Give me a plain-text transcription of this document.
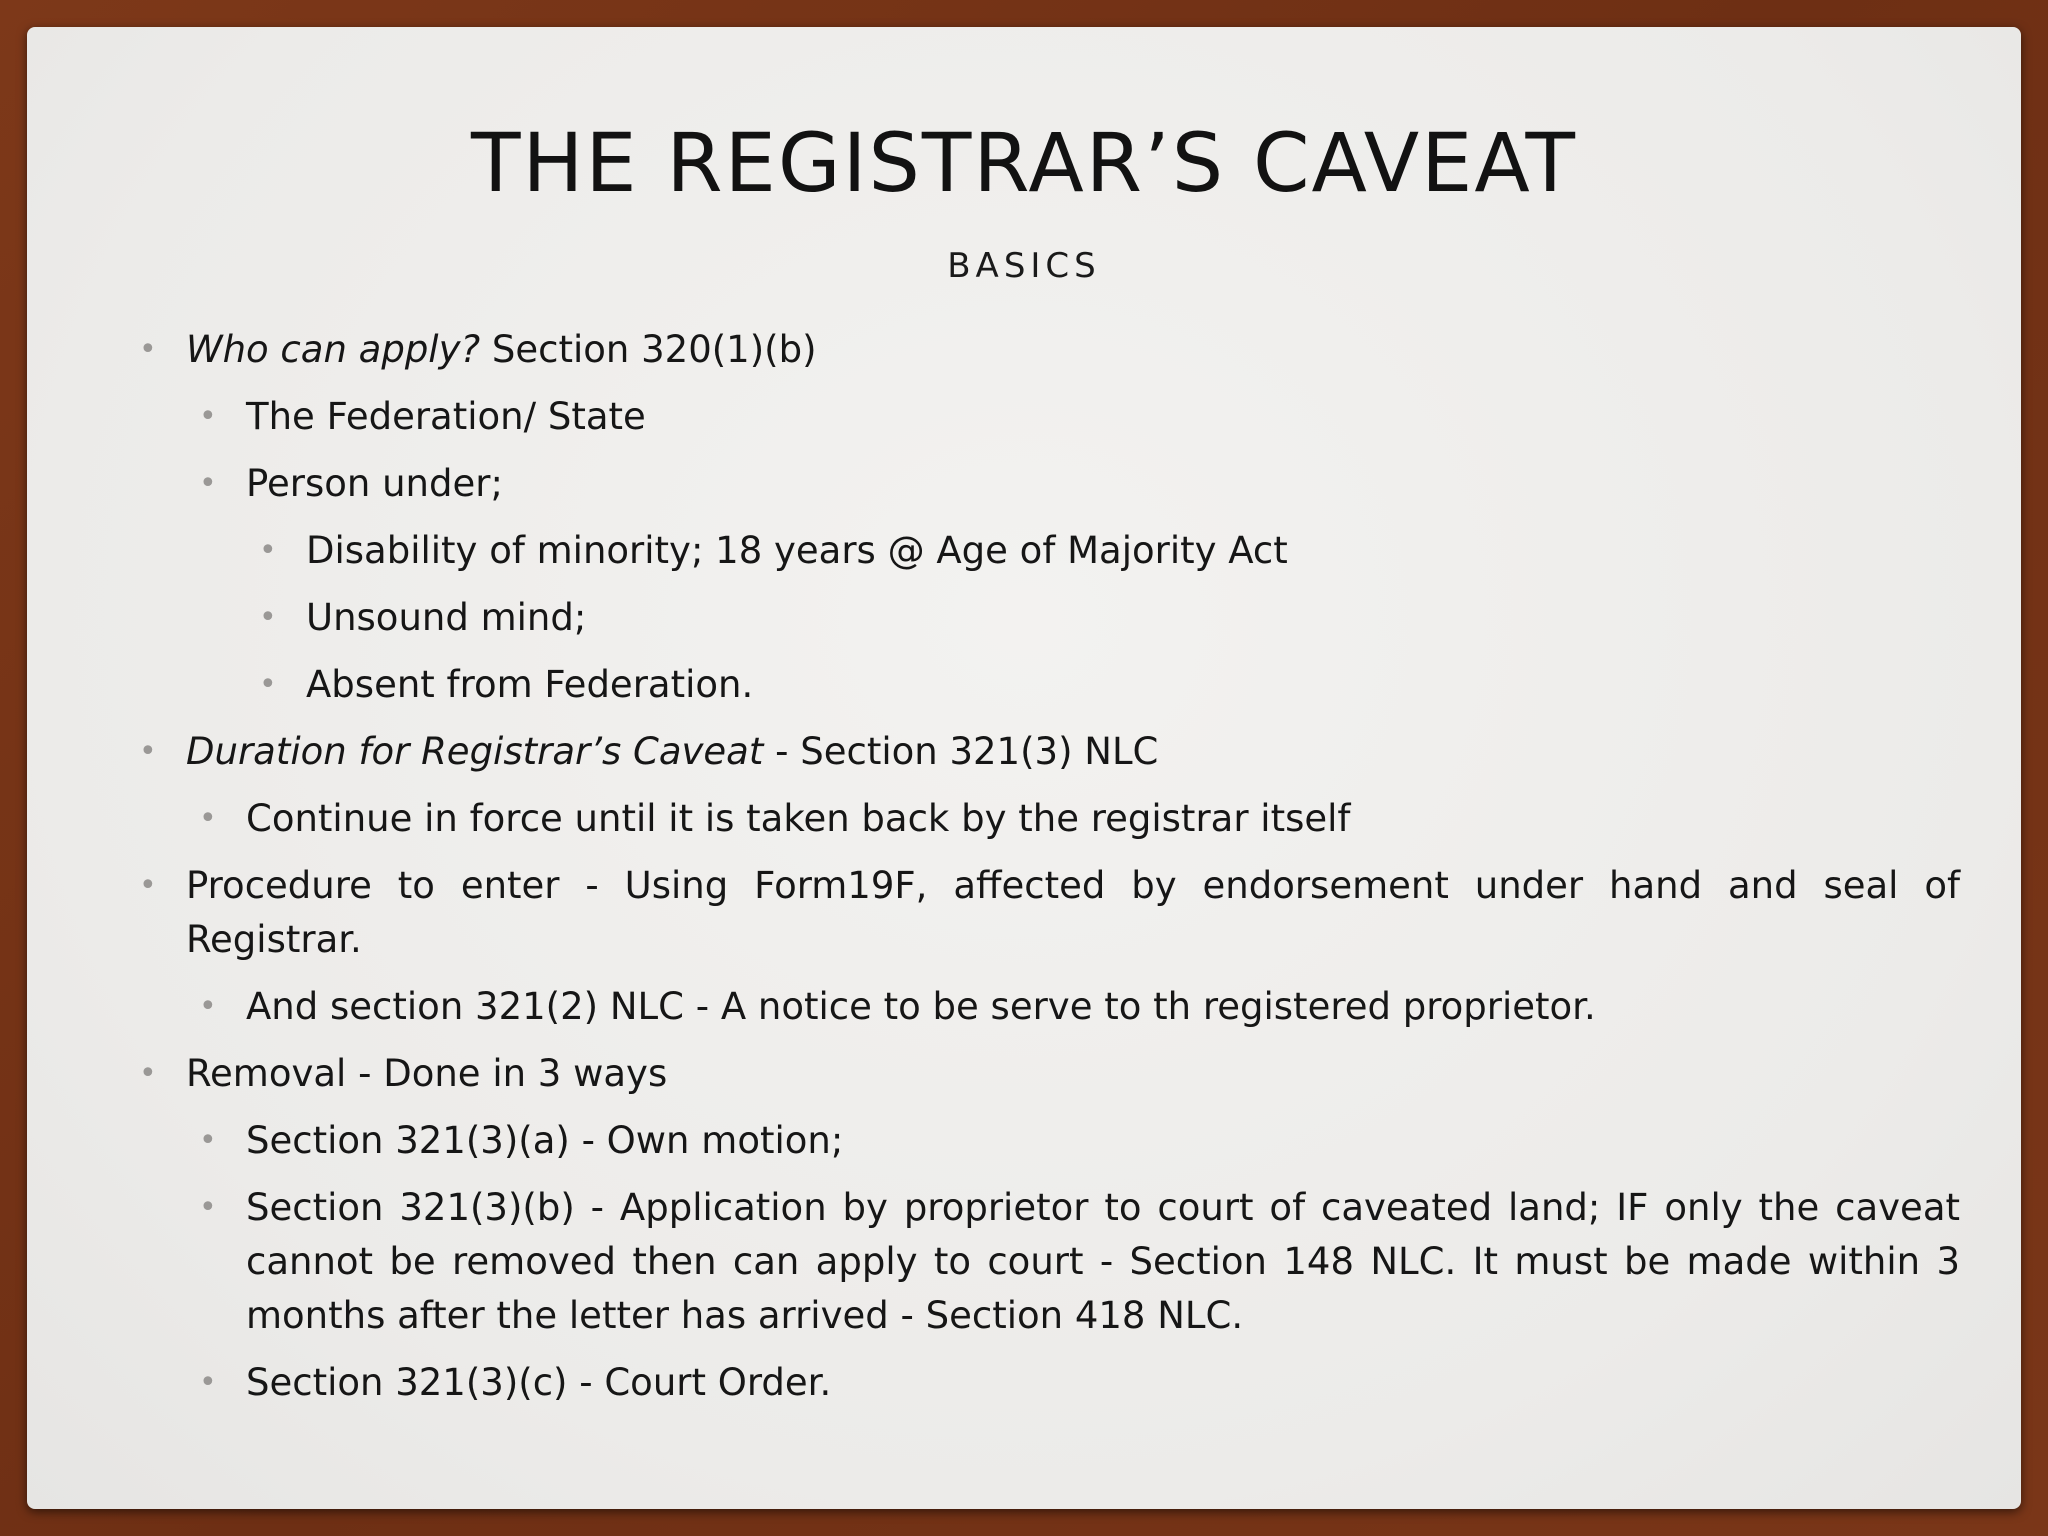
THE REGISTRAR’S CAVEAT
BASICS
• Who can apply? Section 320(1)(b)
• The Federation/ State
• Person under;
• Disability of minority; 18 years @ Age of Majority Act
• Unsound mind;
• Absent from Federation.
• Duration for Registrar’s Caveat - Section 321(3) NLC
• Continue in force until it is taken back by the registrar itself
• Procedure to enter - Using Form19F, affected by endorsement under hand and seal of Registrar.
• And section 321(2) NLC - A notice to be serve to th registered proprietor.
• Removal - Done in 3 ways
• Section 321(3)(a) - Own motion;
• Section 321(3)(b) - Application by proprietor to court of caveated land; IF only the caveat cannot be removed then can apply to court - Section 148 NLC. It must be made within 3 months after the letter has arrived - Section 418 NLC.
• Section 321(3)(c) - Court Order.
